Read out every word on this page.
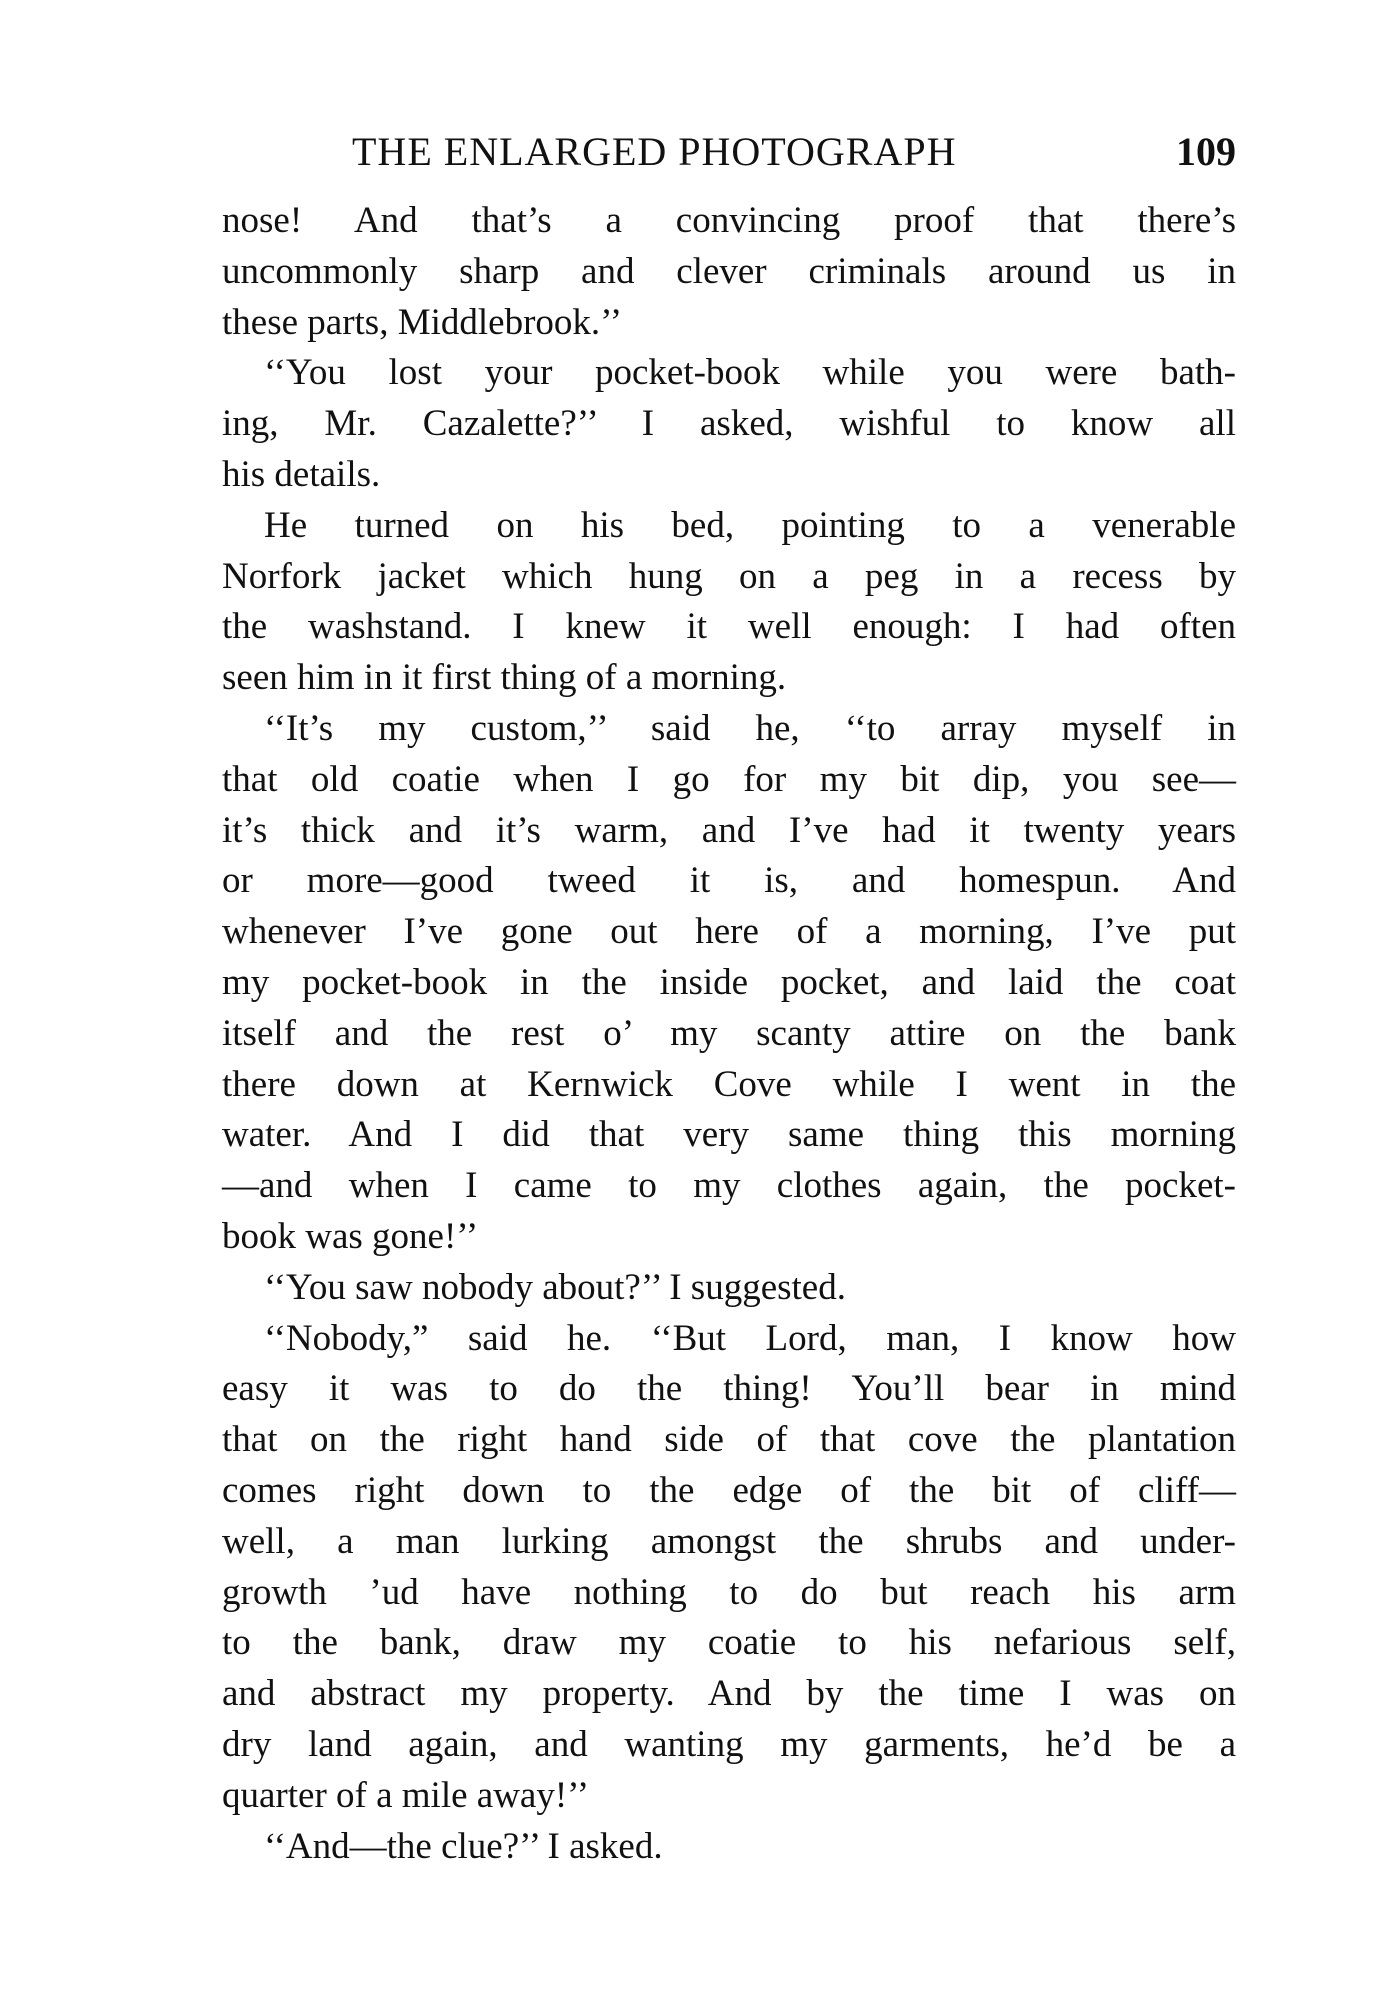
THE ENLARGED PHOTOGRAPH	109
nose! And that’s a convincing proof that there’s
uncommonly sharp and clever criminals around us in
these parts, Middlebrook.’’
‘‘You lost your pocket-book while you were bath-
ing, Mr. Cazalette?’’ I asked, wishful to know all
his details.
He turned on his bed, pointing to a venerable
Norfork jacket which hung on a peg in a recess by
the washstand. I knew it well enough: I had often
seen him in it first thing of a morning.
‘‘It’s my custom,’’ said he, ‘‘to array myself in
that old coatie when I go for my bit dip, you see—
it’s thick and it’s warm, and I’ve had it twenty years
or more—good tweed it is, and homespun. And
whenever I’ve gone out here of a morning, I’ve put
my pocket-book in the inside pocket, and laid the coat
itself and the rest o’ my scanty attire on the bank
there down at Kernwick Cove while I went in the
water. And I did that very same thing this morning
—and when I came to my clothes again, the pocket-
book was gone!’’
‘‘You saw nobody about?’’ I suggested.
‘‘Nobody,” said he. ‘‘But Lord, man, I know how
easy it was to do the thing! You’ll bear in mind
that on the right hand side of that cove the plantation
comes right down to the edge of the bit of cliff—
well, a man lurking amongst the shrubs and under-
growth ’ud have nothing to do but reach his arm
to the bank, draw my coatie to his nefarious self,
and abstract my property. And by the time I was on
dry land again, and wanting my garments, he’d be a
quarter of a mile away!’’
‘‘And—the clue?’’ I asked.
